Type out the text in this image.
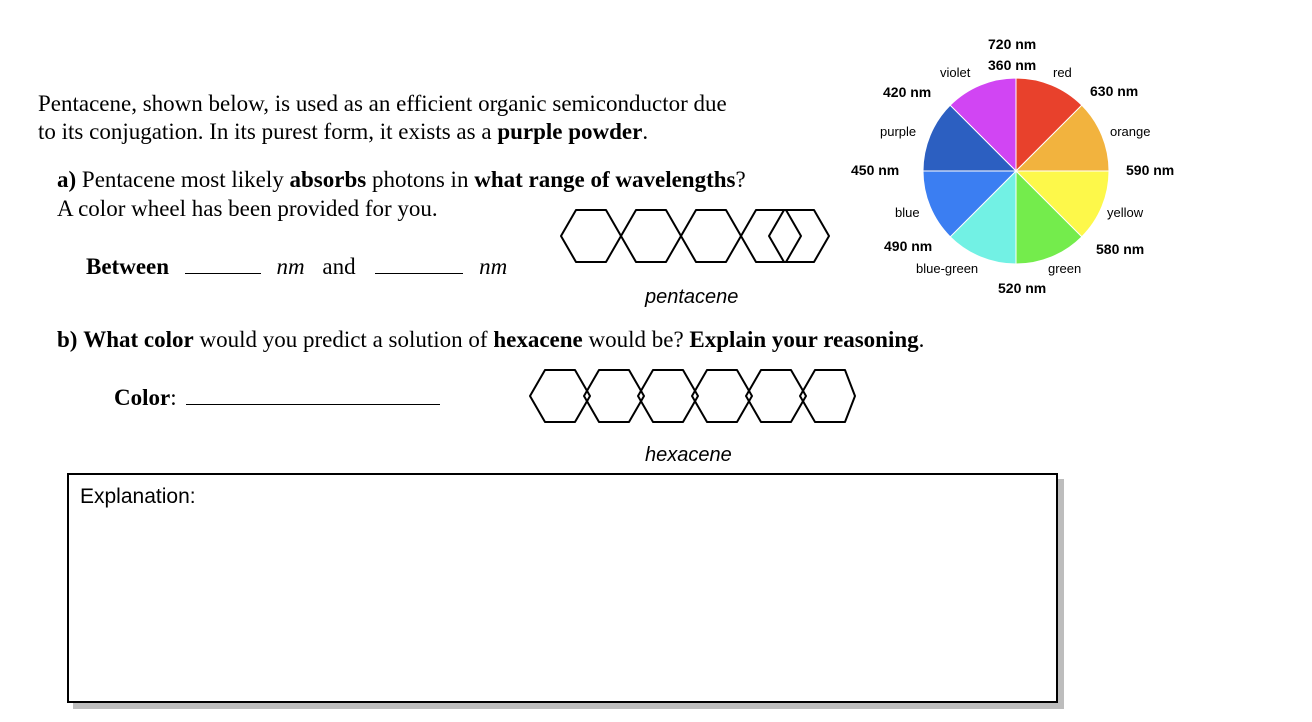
Pentacene, shown below, is used as an efficient organic semiconductor due
to its conjugation. In its purest form, it exists as a purple powder.
a) Pentacene most likely absorbs photons in what range of wavelengths?
A color wheel has been provided for you.
Between	nm and	nm
pentacene
720 nm
360 nm
violet	red
420 nm	630 nm
purple	orange
450 nm	590 nm
blue	yellow
490 nm	580 nm
blue-green	green
520 nm
b) What color would you predict a solution of hexacene would be? Explain your reasoning.
Color:
hexacene
Explanation:
